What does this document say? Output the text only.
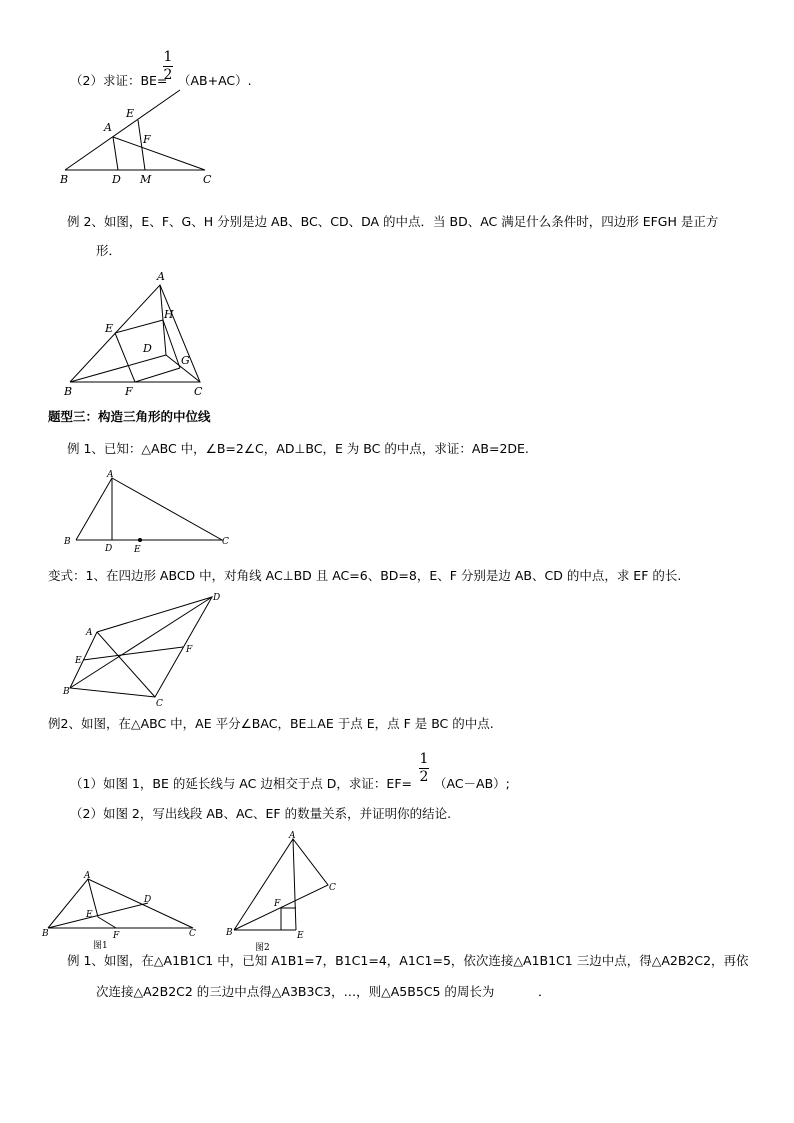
（2）求证：BE=
1
2 （AB+AC）.
A
E
F
B	D M	C
例 2、如图，E、F、G、H 分别是边 AB、BC、CD、DA 的中点．当 BD、AC 满足什么条件时，四边形 EFGH 是正方
形．
A
H
E
D
G
B	F	C
题型三：构造三角形的中位线
例 1、已知：△ABC 中，∠B=2∠C，AD⊥BC，E 为 BC 的中点，求证：AB=2DE.
A
B
D E
C
变式：1、在四边形 ABCD 中，对角线 AC⊥BD 且 AC=6、BD=8，E、F 分别是边 AB、CD 的中点，求 EF 的长.
A
D
E
F
B
C
例2、如图，在△ABC 中，AE 平分∠BAC，BE⊥AE 于点 E，点 F 是 BC 的中点.
（1）如图 1，BE 的延长线与 AC 边相交于点 D，求证：EF=
1
2 （AC－AB）;
（2）如图 2，写出线段 AB、AC、EF 的数量关系，并证明你的结论.
A
D
E
B	F	C
图1
A
C
F
B	E
图2
例 1、如图，在△A1B1C1 中，已知 A1B1=7，B1C1=4，A1C1=5，依次连接△A1B1C1 三边中点，得△A2B2C2，再依
次连接△A2B2C2 的三边中点得△A3B3C3，…，则△A5B5C5 的周长为	．
